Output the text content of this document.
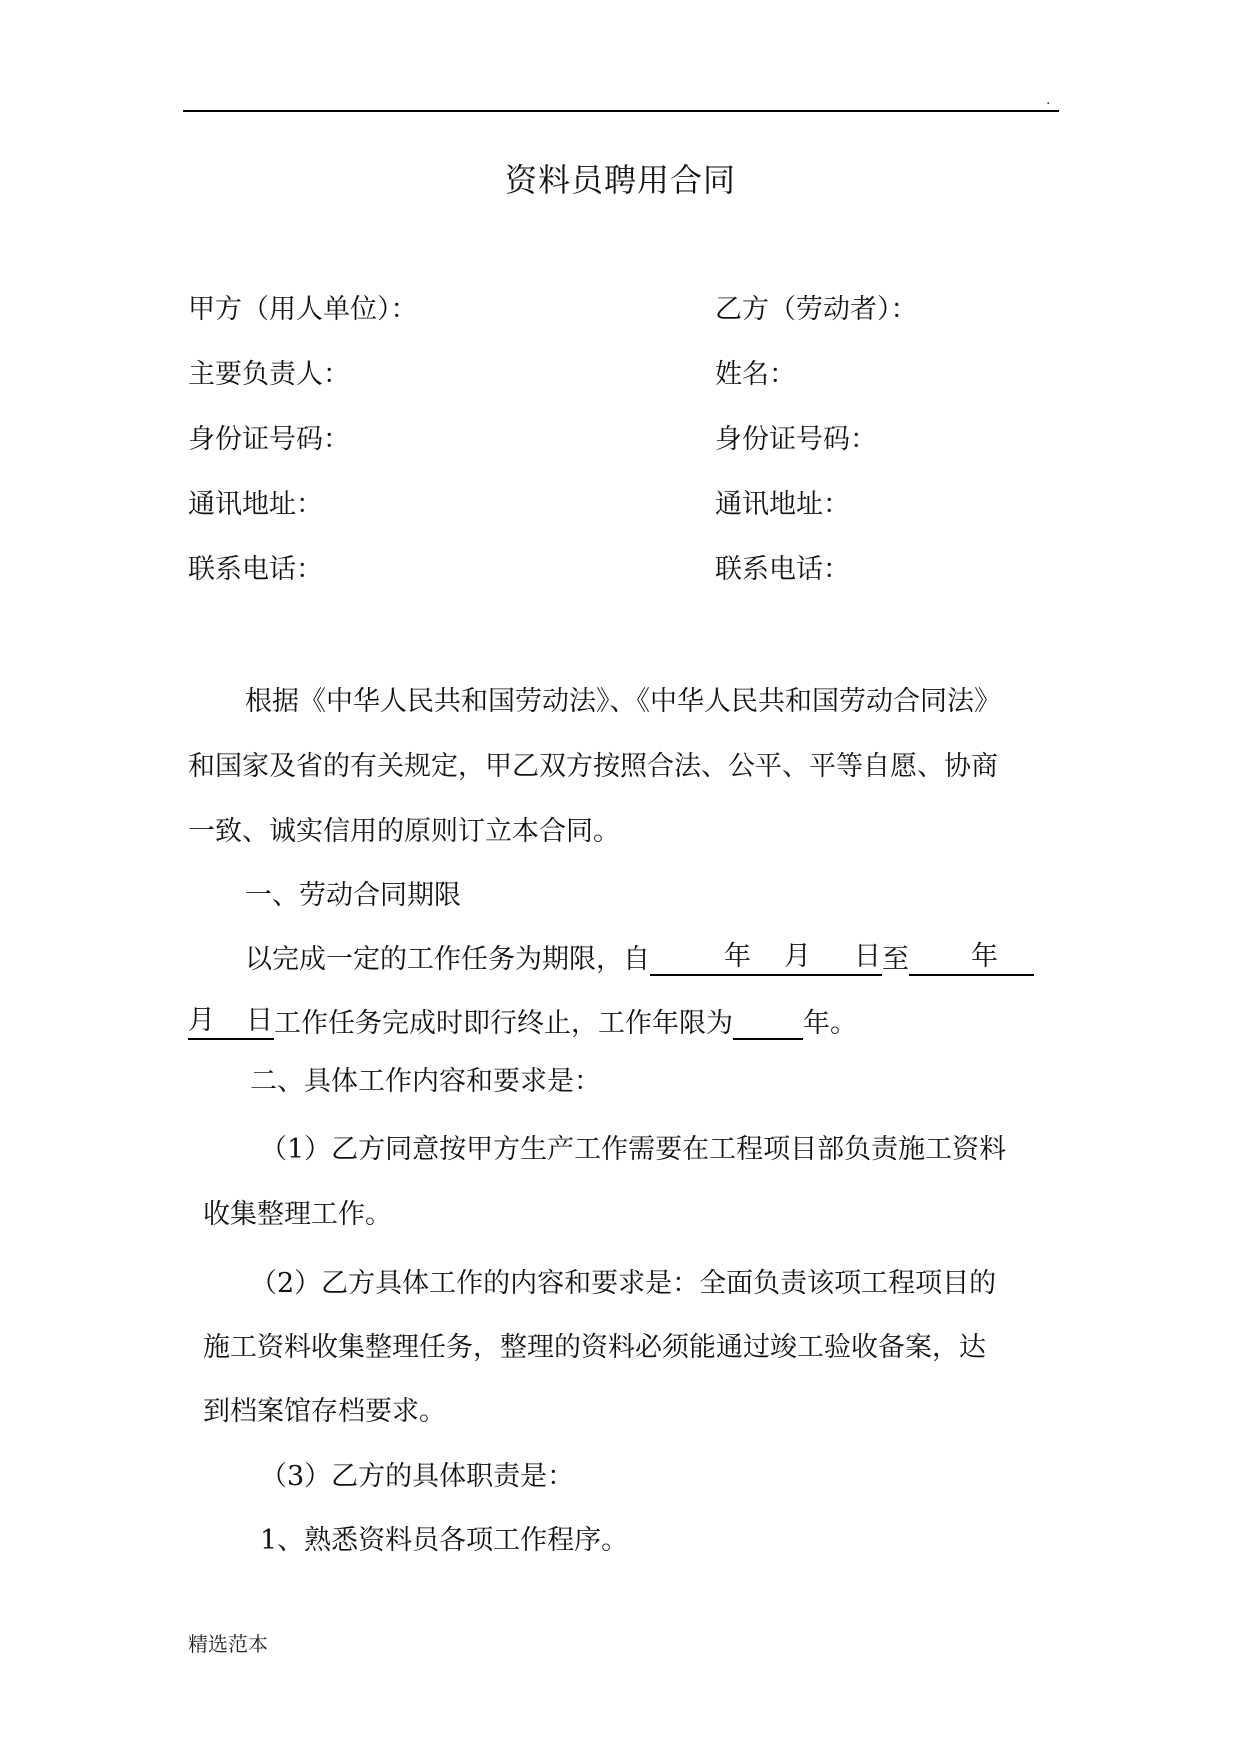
.
资料员聘用合同
甲方（用人单位）：	乙方（劳动者）：
主要负责人：	姓名：
身份证号码：	身份证号码：
通讯地址：	通讯地址：
联系电话：	联系电话：
根据《中华人民共和国劳动法》、《中华人民共和国劳动合同法》
和国家及省的有关规定，甲乙双方按照合法、公平、平等自愿、协商
一致、诚实信用的原则订立本合同。
一、劳动合同期限
以完成一定的工作任务为期限，自	年 月 日 至 年
月 日 工作任务完成时即行终止，工作年限为	年。
二、具体工作内容和要求是：
（1）乙方同意按甲方生产工作需要在工程项目部负责施工资料
收集整理工作。
（2）乙方具体工作的内容和要求是：全面负责该项工程项目的
施工资料收集整理任务，整理的资料必须能通过竣工验收备案，达
到档案馆存档要求。
（3）乙方的具体职责是：
1、熟悉资料员各项工作程序。
精选范本
